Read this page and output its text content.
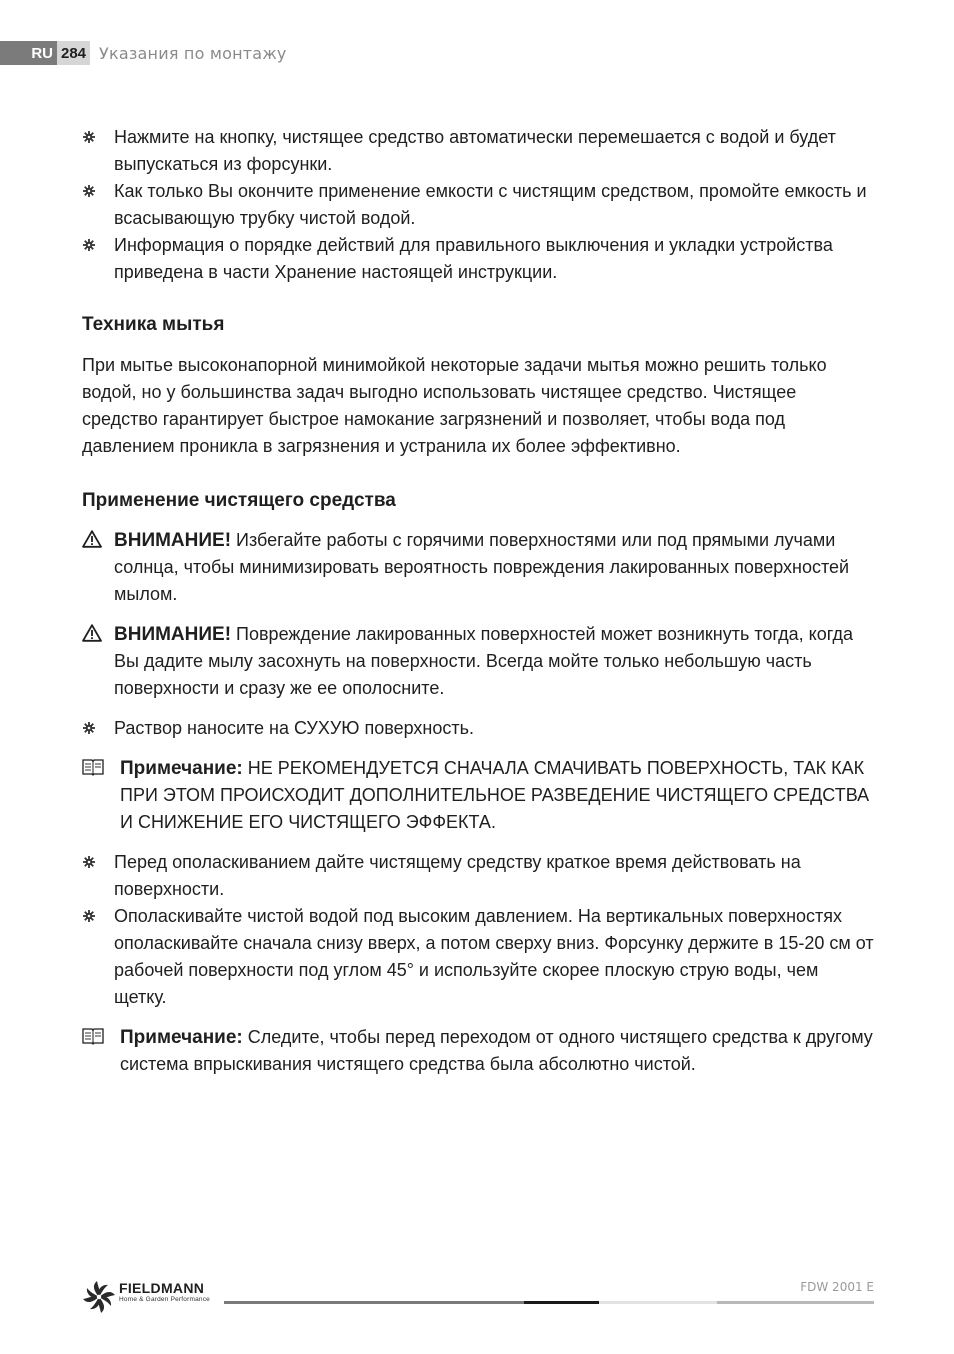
RU 284 Указания по монтажу
Нажмите на кнопку, чистящее средство автоматически перемешается с водой и будет выпускаться из форсунки.
Как только Вы окончите применение емкости с чистящим средством, промойте емкость и всасывающую трубку чистой водой.
Информация о порядке действий для правильного выключения и укладки устройства приведена в части Хранение настоящей инструкции.
Техника мытья

При мытье высоконапорной минимойкой некоторые задачи мытья можно решить только водой, но у большинства задач выгодно использовать чистящее средство. Чистящее средство гарантирует быстрое намокание загрязнений и позволяет, чтобы вода под давлением проникла в загрязнения и устранила их более эффективно.

Применение чистящего средства
ВНИМАНИЕ! Избегайте работы с горячими поверхностями или под прямыми лучами солнца, чтобы минимизировать вероятность повреждения лакированных поверхностей мылом.
ВНИМАНИЕ! Повреждение лакированных поверхностей может возникнуть тогда, когда Вы дадите мылу засохнуть на поверхности. Всегда мойте только небольшую часть поверхности и сразу же ее ополосните.
Раствор наносите на СУХУЮ поверхность.
Примечание: НЕ РЕКОМЕНДУЕТСЯ СНАЧАЛА СМАЧИВАТЬ ПОВЕРХНОСТЬ, ТАК КАК ПРИ ЭТОМ ПРОИСХОДИТ ДОПОЛНИТЕЛЬНОЕ РАЗВЕДЕНИЕ ЧИСТЯЩЕГО СРЕДСТВА И СНИЖЕНИЕ ЕГО ЧИСТЯЩЕГО ЭФФЕКТА.
Перед ополаскиванием дайте чистящему средству краткое время действовать на поверхности.
Ополаскивайте чистой водой под высоким давлением. На вертикальных поверхностях ополаскивайте сначала снизу вверх, а потом сверху вниз. Форсунку держите в 15-20 см от рабочей поверхности под углом 45° и используйте скорее плоскую струю воды, чем щетку.
Примечание: Следите, чтобы перед переходом от одного чистящего средства к другому система впрыскивания чистящего средства была абсолютно чистой.
FIELDMANN
Home & Garden Performance
FDW 2001 E
